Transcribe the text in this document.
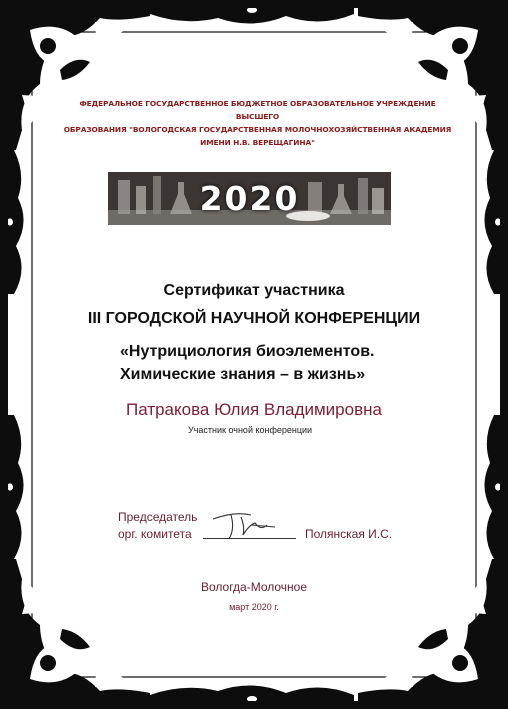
ФЕДЕРАЛЬНОЕ ГОСУДАРСТВЕННОЕ БЮДЖЕТНОЕ ОБРАЗОВАТЕЛЬНОЕ УЧРЕЖДЕНИЕ ВЫСШЕГО
ОБРАЗОВАНИЯ "ВОЛОГОДСКАЯ ГОСУДАРСТВЕННАЯ МОЛОЧНОХОЗЯЙСТВЕННАЯ АКАДЕМИЯ
ИМЕНИ Н.В. ВЕРЕЩАГИНА"
2020
Сертификат участника
III ГОРОДСКОЙ НАУЧНОЙ КОНФЕРЕНЦИИ
«Нутрициология биоэлементов.
Химические знания – в жизнь»
Патракова Юлия Владимировна
Участник очной конференции
Председатель
орг. комитета	Полянская И.С.
Вологда-Молочное
март 2020 г.
